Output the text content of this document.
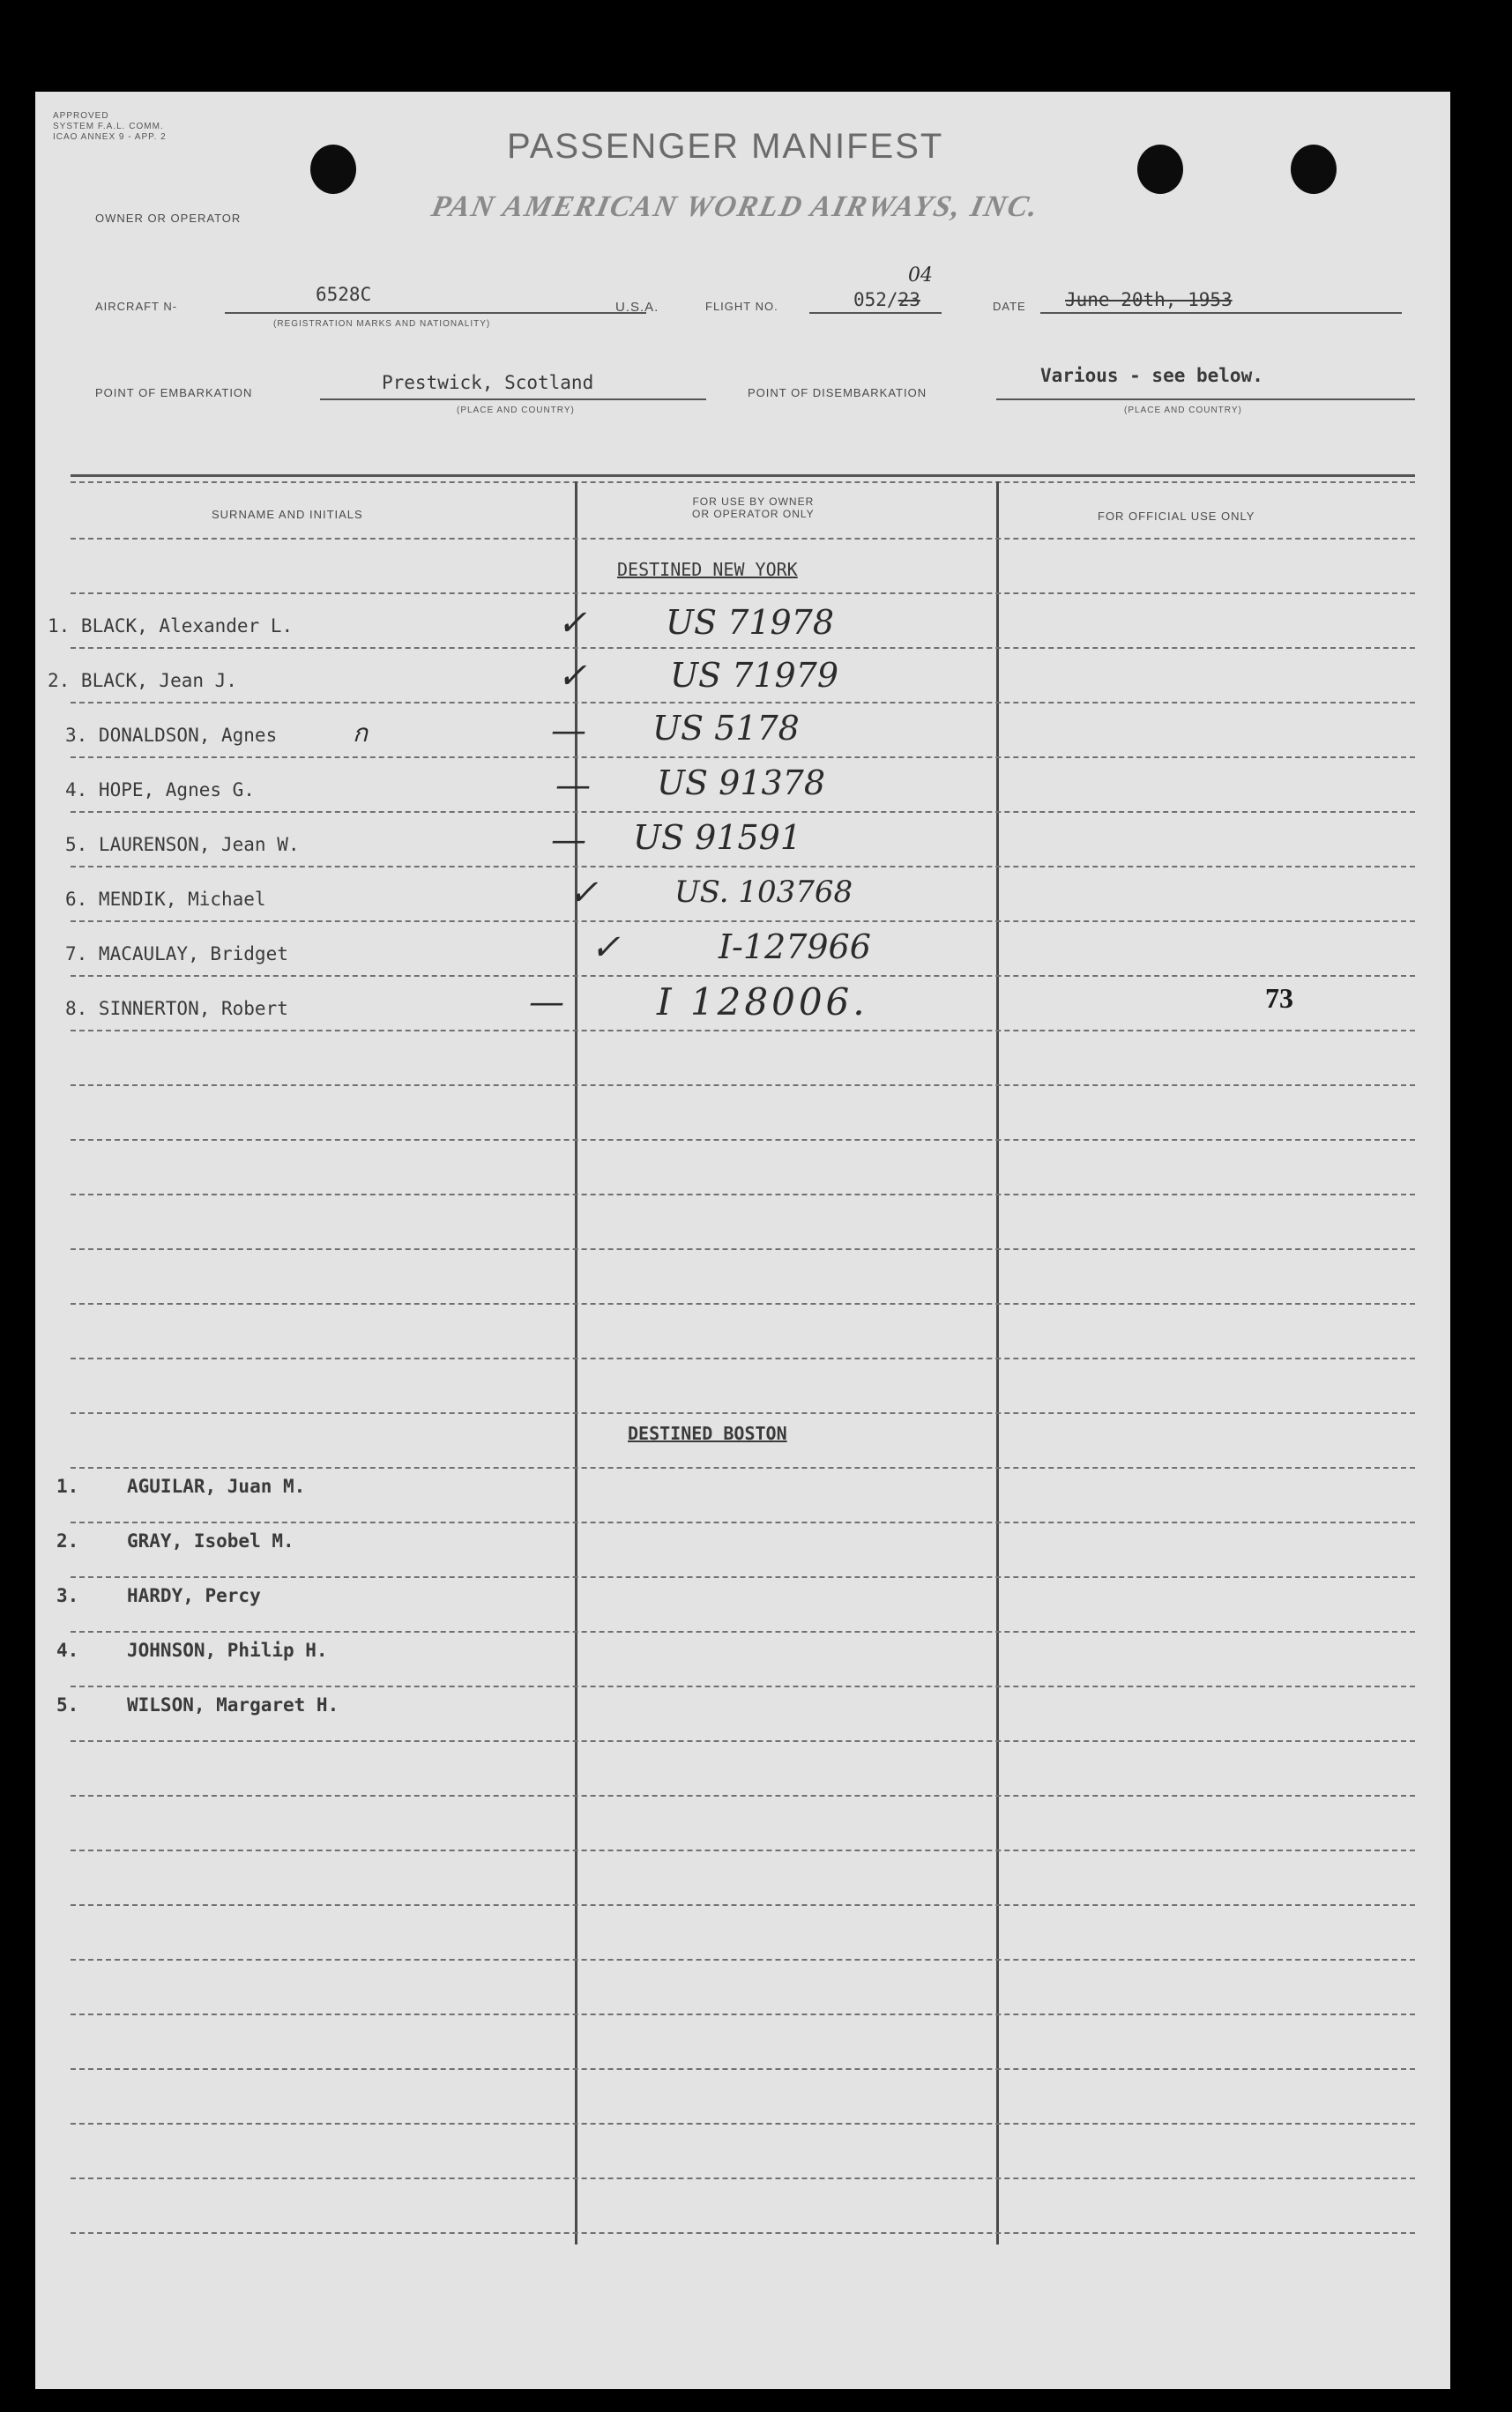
APPROVED
SYSTEM F.A.L. COMM.
ICAO ANNEX 9 - APP. 2	PASSENGER MANIFEST
OWNER OR OPERATOR	PAN AMERICAN WORLD AIRWAYS, INC.
AIRCRAFT N-
6528C
(REGISTRATION MARKS AND NATIONALITY)
U.S.A.	FLIGHT NO.	052/23
04
DATE June 20th, 1953
POINT OF EMBARKATION	Prestwick, Scotland
(PLACE AND COUNTRY)
POINT OF DISEMBARKATION
Various - see below.
(PLACE AND COUNTRY)
SURNAME AND INITIALS
FOR USE BY OWNER
OR OPERATOR ONLY	FOR OFFICIAL USE ONLY
DESTINED NEW YORK
1. BLACK, Alexander L.	✓ US 71978
2. BLACK, Jean J.	✓ US 71979
3. DONALDSON, Agnes	ก	— US 5178
4. HOPE, Agnes G.	— US 91378
5. LAURENSON, Jean W.	— US 91591
6. MENDIK, Michael	✓	US. 103768
7. MACAULAY, Bridget	✓	I-127966
8. SINNERTON, Robert	—	I 128006.	73
DESTINED BOSTON
1.	AGUILAR, Juan M.
2.	GRAY, Isobel M.
3.	HARDY, Percy
4.	JOHNSON, Philip H.
5.	WILSON, Margaret H.
